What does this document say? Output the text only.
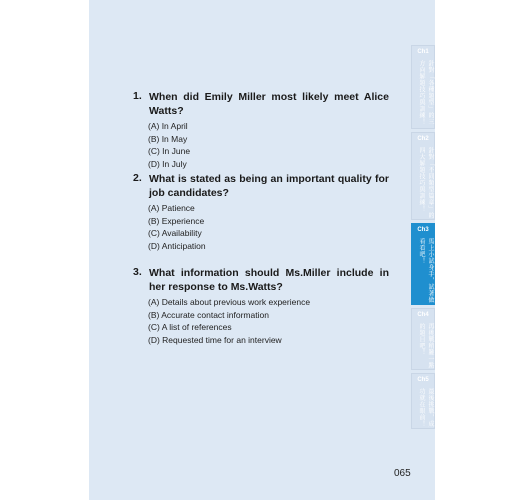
1. When did Emily Miller most likely meet Alice Watts?
(A) In April
(B) In May
(C) In June
(D) In July
2. What is stated as being an important quality for job candidates?
(A) Patience
(B) Experience
(C) Availability
(D) Anticipation
3. What information should Ms.Miller include in her response to Ms.Watts?
(A) Details about previous work experience
(B) Accurate contact information
(C) A list of references
(D) Requested time for an interview
065
Ch1
針對「各種題型」的三方向解題技巧與訓練！
Ch2
針對「不同類型篇章」的四大解題技巧與訓練！
Ch3
馬上小試身手，試著做看看吧！
Ch4
再挑戰稍難一點的題目吧！
Ch5
最後挑戰，成功就在眼前！
